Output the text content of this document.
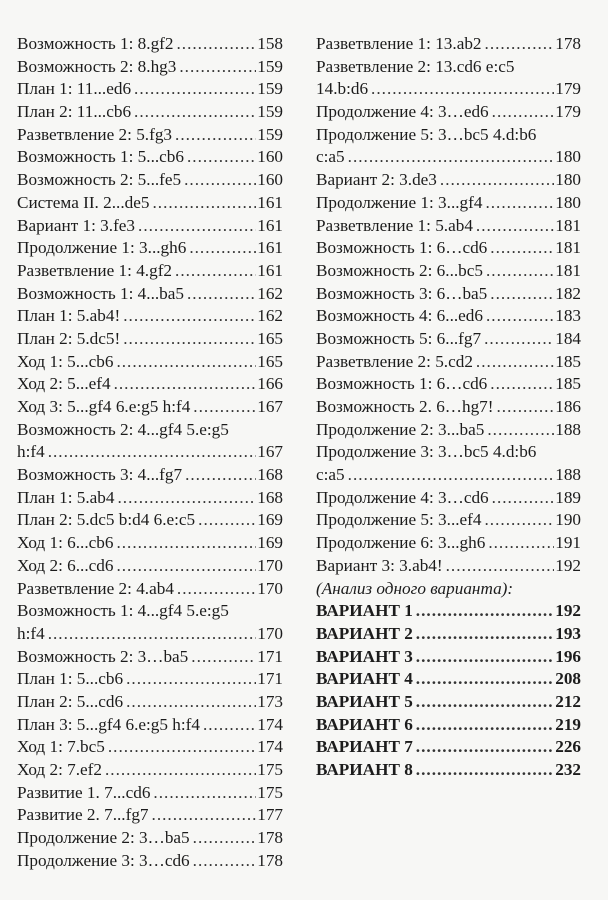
Возможность 1: 8.gf2 .....	158
Возможность 2: 8.hg3 .....	159
План 1: 11...ed6 .....	159
План 2: 11...cb6 .....	159
Разветвление 2: 5.fg3 .....	159
Возможность 1: 5...cb6 .....	160
Возможность 2: 5...fe5 .....	160
Система II. 2...de5 .....	161
Вариант 1: 3.fe3 .....	161
Продолжение 1: 3...gh6 .....	161
Разветвление 1: 4.gf2 .....	161
Возможность 1: 4...ba5 .....	162
План 1: 5.ab4! .....	162
План 2: 5.dc5! .....	165
Ход 1: 5...cb6 .....	165
Ход 2: 5...ef4 .....	166
Ход 3: 5...gf4 6.e:g5 h:f4 .....	167
Возможность 2: 4...gf4 5.e:g5
h:f4 .....	167
Возможность 3: 4...fg7 .....	168
План 1: 5.ab4 .....	168
План 2: 5.dc5 b:d4 6.e:c5 .....	169
Ход 1: 6...cb6 .....	169
Ход 2: 6...cd6 .....	170
Разветвление 2: 4.ab4 .....	170
Возможность 1: 4...gf4 5.e:g5
h:f4 .....	170
Возможность 2: 3…ba5 .....	171
План 1: 5...cb6 .....	171
План 2: 5...cd6 .....	173
План 3: 5...gf4 6.e:g5 h:f4 .....	174
Ход 1: 7.bc5 .....	174
Ход 2: 7.ef2 .....	175
Развитие 1. 7...cd6 .....	175
Развитие 2. 7...fg7 .....	177
Продолжение 2: 3…ba5 .....	178
Продолжение 3: 3…cd6 .....	178
Разветвление 1: 13.ab2 .....	178
Разветвление 2: 13.cd6 e:c5
14.b:d6 .....	179
Продолжение 4: 3…ed6 .....	179
Продолжение 5: 3…bc5 4.d:b6
c:a5 .....	180
Вариант 2: 3.de3 .....	180
Продолжение 1: 3...gf4 .....	180
Разветвление 1: 5.ab4 .....	181
Возможность 1: 6…cd6 .....	181
Возможность 2: 6...bc5 .....	181
Возможность 3: 6…ba5 .....	182
Возможность 4: 6...ed6 .....	183
Возможность 5: 6...fg7 .....	184
Разветвление 2: 5.cd2 .....	185
Возможность 1: 6…cd6 .....	185
Возможность 2. 6…hg7! .....	186
Продолжение 2: 3...ba5 .....	188
Продолжение 3: 3…bc5 4.d:b6
c:a5 .....	188
Продолжение 4: 3…cd6 .....	189
Продолжение 5: 3...ef4 .....	190
Продолжение 6: 3...gh6 .....	191
Вариант 3: 3.ab4! .....	192
(Анализ одного варианта):
ВАРИАНТ 1 .....	192
ВАРИАНТ 2 .....	193
ВАРИАНТ 3 .....	196
ВАРИАНТ 4 .....	208
ВАРИАНТ 5 .....	212
ВАРИАНТ 6 .....	219
ВАРИАНТ 7 .....	226
ВАРИАНТ 8 .....	232
